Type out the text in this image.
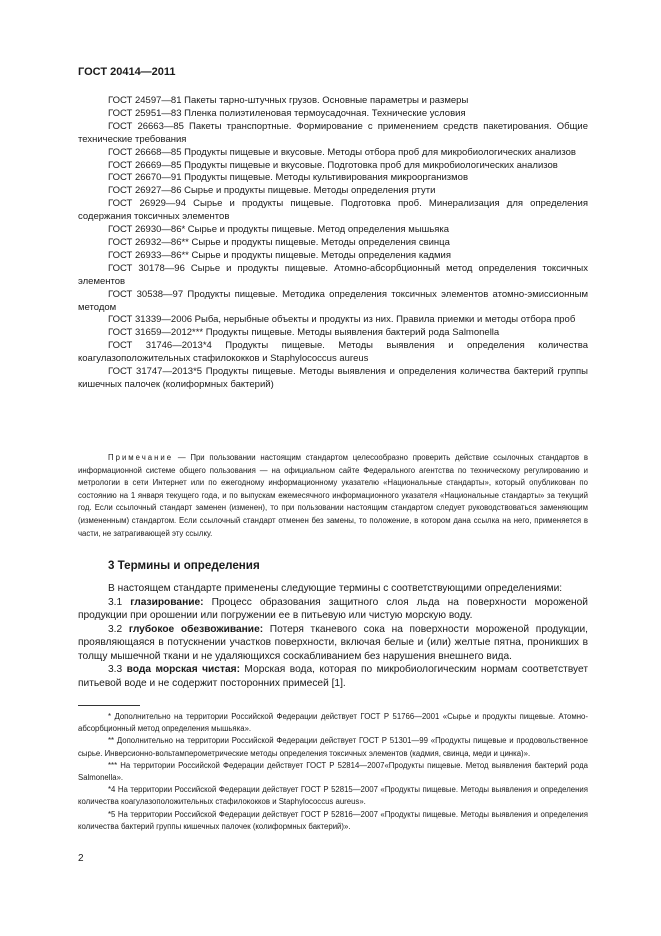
ГОСТ 20414—2011

ГОСТ 24597—81 Пакеты тарно-штучных грузов. Основные параметры и размеры

ГОСТ 25951—83 Пленка полиэтиленовая термоусадочная. Технические условия

ГОСТ 26663—85 Пакеты транспортные. Формирование с применением средств пакетирования. Общие технические требования

ГОСТ 26668—85 Продукты пищевые и вкусовые. Методы отбора проб для микробиологических анализов

ГОСТ 26669—85 Продукты пищевые и вкусовые. Подготовка проб для микробиологических анализов

ГОСТ 26670—91 Продукты пищевые. Методы культивирования микроорганизмов

ГОСТ 26927—86 Сырье и продукты пищевые. Методы определения ртути

ГОСТ 26929—94 Сырье и продукты пищевые. Подготовка проб. Минерализация для определения содержания токсичных элементов

ГОСТ 26930—86* Сырье и продукты пищевые. Метод определения мышьяка

ГОСТ 26932—86** Сырье и продукты пищевые. Методы определения свинца

ГОСТ 26933—86** Сырье и продукты пищевые. Методы определения кадмия

ГОСТ 30178—96 Сырье и продукты пищевые. Атомно-абсорбционный метод определения токсичных элементов

ГОСТ 30538—97 Продукты пищевые. Методика определения токсичных элементов атомно-эмиссионным методом

ГОСТ 31339—2006 Рыба, нерыбные объекты и продукты из них. Правила приемки и методы отбора проб

ГОСТ 31659—2012*** Продукты пищевые. Методы выявления бактерий рода Salmonella

ГОСТ 31746—2013*4 Продукты пищевые. Методы выявления и определения количества коагулазоположительных стафилококков и Staphylococcus aureus

ГОСТ 31747—2013*5 Продукты пищевые. Методы выявления и определения количества бактерий группы кишечных палочек (колиформных бактерий)

Примечание — При пользовании настоящим стандартом целесообразно проверить действие ссылочных стандартов в информационной системе общего пользования — на официальном сайте Федерального агентства по техническому регулированию и метрологии в сети Интернет или по ежегодному информационному указателю «Национальные стандарты», который опубликован по состоянию на 1 января текущего года, и по выпускам ежемесячного информационного указателя «Национальные стандарты» за текущий год. Если ссылочный стандарт заменен (изменен), то при пользовании настоящим стандартом следует руководствоваться заменяющим (измененным) стандартом. Если ссылочный стандарт отменен без замены, то положение, в котором дана ссылка на него, применяется в части, не затрагивающей эту ссылку.

3 Термины и определения

В настоящем стандарте применены следующие термины с соответствующими определениями:

3.1 глазирование: Процесс образования защитного слоя льда на поверхности мороженой продукции при орошении или погружении ее в питьевую или чистую морскую воду.

3.2 глубокое обезвоживание: Потеря тканевого сока на поверхности мороженой продукции, проявляющаяся в потускнении участков поверхности, включая белые и (или) желтые пятна, проникших в толщу мышечной ткани и не удаляющихся соскабливанием без нарушения внешнего вида.

3.3 вода морская чистая: Морская вода, которая по микробиологическим нормам соответствует питьевой воде и не содержит посторонних примесей [1].

* Дополнительно на территории Российской Федерации действует ГОСТ Р 51766—2001 «Сырье и продукты пищевые. Атомно-абсорбционный метод определения мышьяка».

** Дополнительно на территории Российской Федерации действует ГОСТ Р 51301—99 «Продукты пищевые и продовольственное сырье. Инверсионно-вольтамперометрические методы определения токсичных элементов (кадмия, свинца, меди и цинка)».

*** На территории Российской Федерации действует ГОСТ Р 52814—2007«Продукты пищевые. Метод выявления бактерий рода Salmonella».

*4 На территории Российской Федерации действует ГОСТ Р 52815—2007 «Продукты пищевые. Методы выявления и определения количества коагулазоположительных стафилококков и Staphylococcus aureus».

*5 На территории Российской Федерации действует ГОСТ Р 52816—2007 «Продукты пищевые. Методы выявления и определения количества бактерий группы кишечных палочек (колиформных бактерий)».

2
